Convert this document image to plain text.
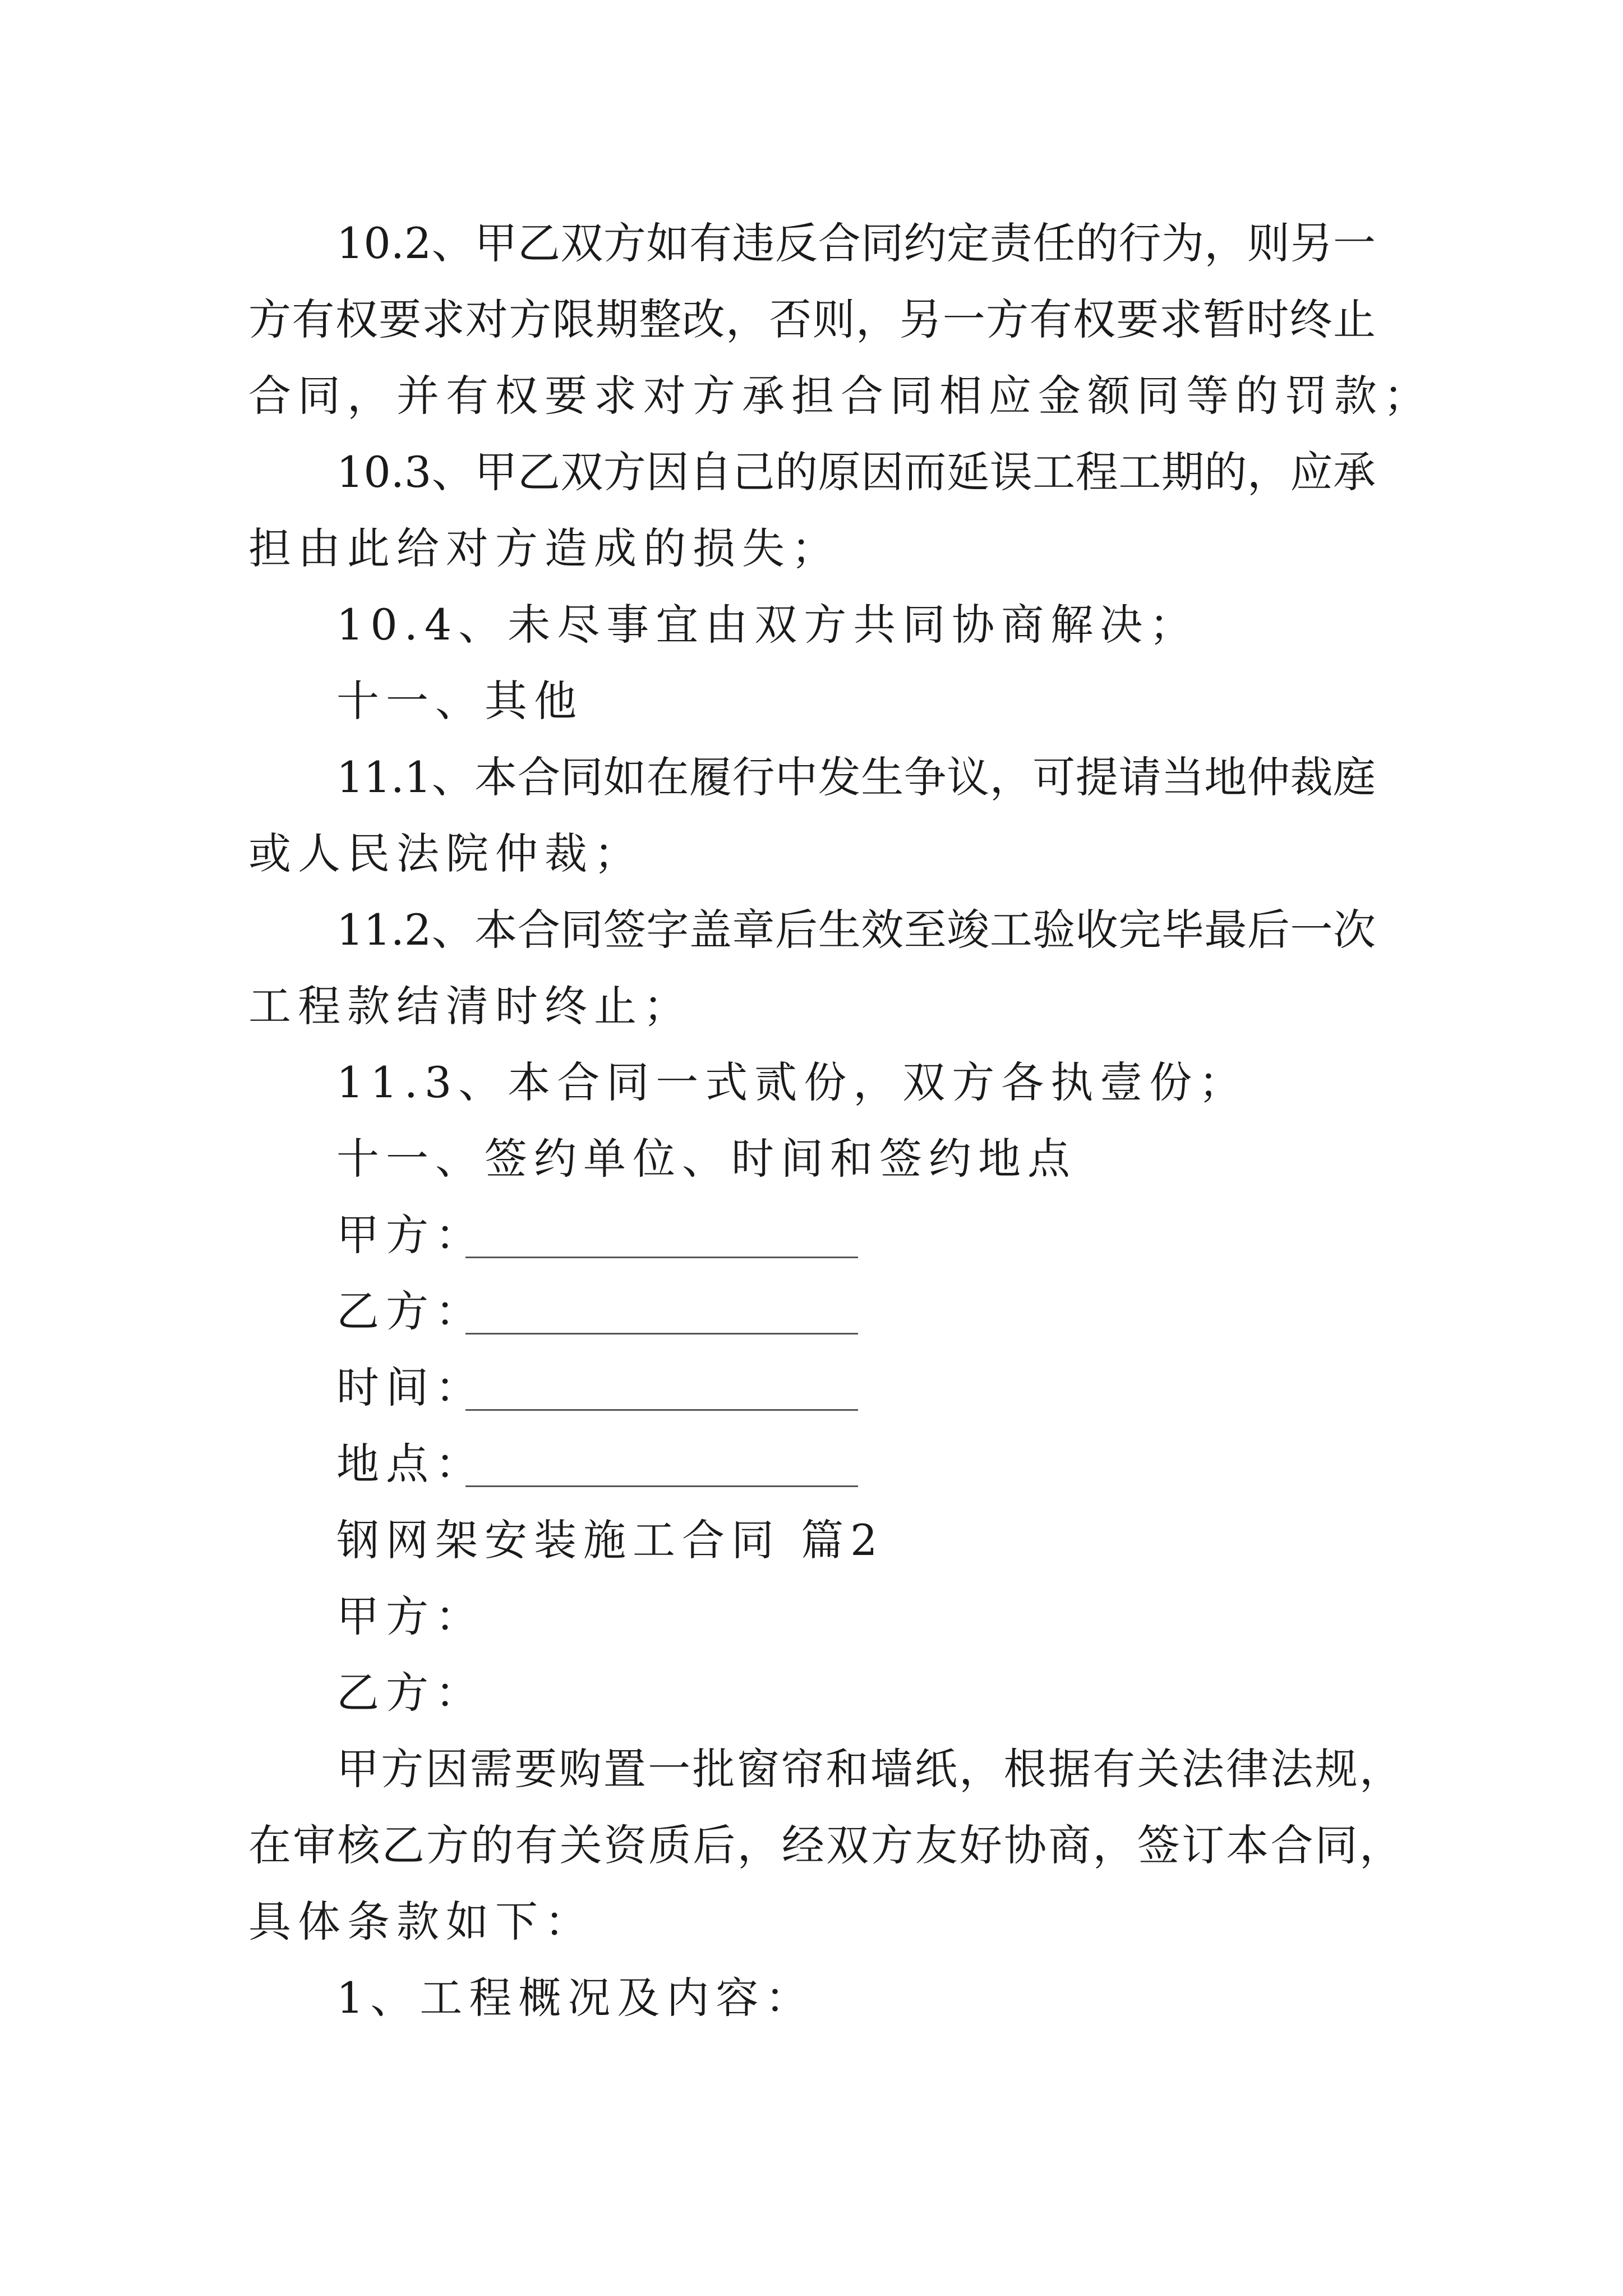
10.2、甲乙双方如有违反合同约定责任的行为，则另一
方有权要求对方限期整改，否则，另一方有权要求暂时终止
合同，并有权要求对方承担合同相应金额同等的罚款；
10.3、甲乙双方因自己的原因而延误工程工期的，应承
担由此给对方造成的损失；
10.4、未尽事宜由双方共同协商解决；
十一、其他
11.1、本合同如在履行中发生争议，可提请当地仲裁庭
或人民法院仲裁；
11.2、本合同签字盖章后生效至竣工验收完毕最后一次
工程款结清时终止；
11.3、本合同一式贰份，双方各执壹份；
十一、签约单位、时间和签约地点
甲方：
乙方：
时间：
地点：
钢网架安装施工合同 篇2
甲方：
乙方：
甲方因需要购置一批窗帘和墙纸，根据有关法律法规，
在审核乙方的有关资质后，经双方友好协商，签订本合同，
具体条款如下：
1、工程概况及内容：
